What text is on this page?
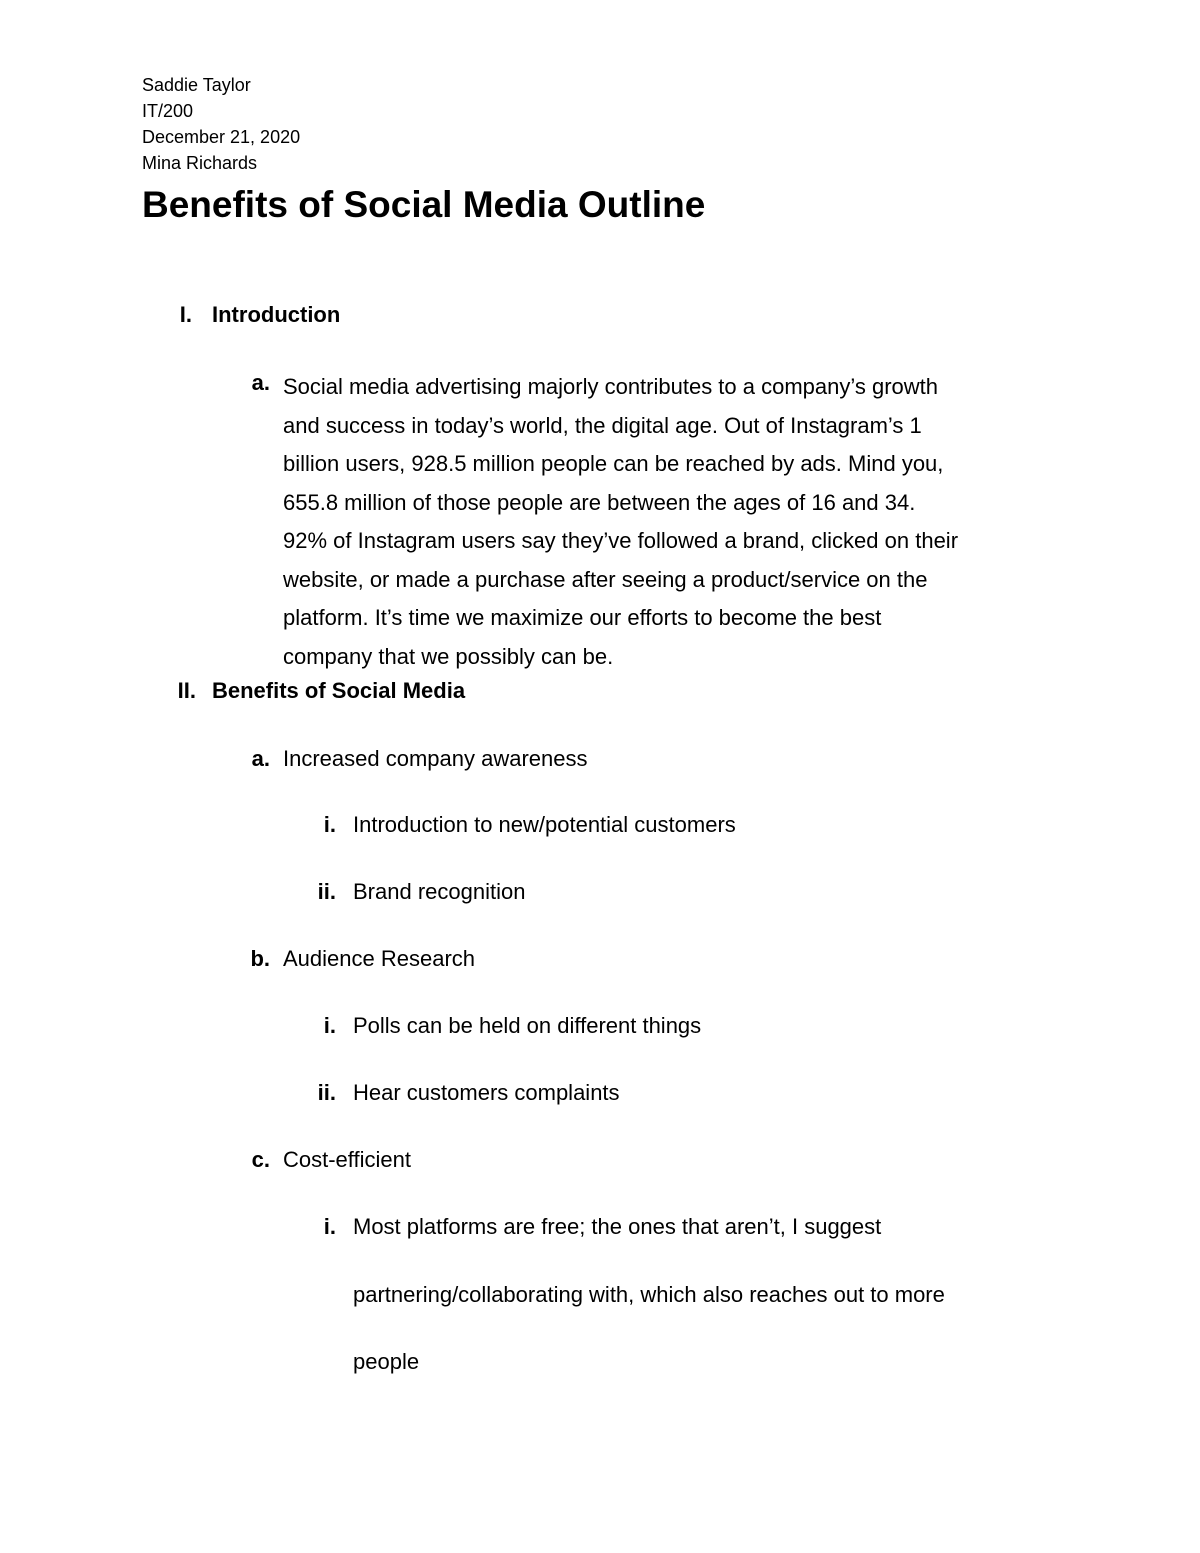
Saddie Taylor
IT/200
December 21, 2020
Mina Richards
Benefits of Social Media Outline
I. Introduction
a. Social media advertising majorly contributes to a company’s growth
and success in today’s world, the digital age. Out of Instagram’s 1
billion users, 928.5 million people can be reached by ads. Mind you,
655.8 million of those people are between the ages of 16 and 34.
92% of Instagram users say they’ve followed a brand, clicked on their
website, or made a purchase after seeing a product/service on the
platform. It’s time we maximize our efforts to become the best
company that we possibly can be.
II. Benefits of Social Media
a. Increased company awareness
i. Introduction to new/potential customers
ii. Brand recognition
b. Audience Research
i. Polls can be held on different things
ii. Hear customers complaints
c. Cost-efficient
i. Most platforms are free; the ones that aren’t, I suggest
partnering/collaborating with, which also reaches out to more
people
